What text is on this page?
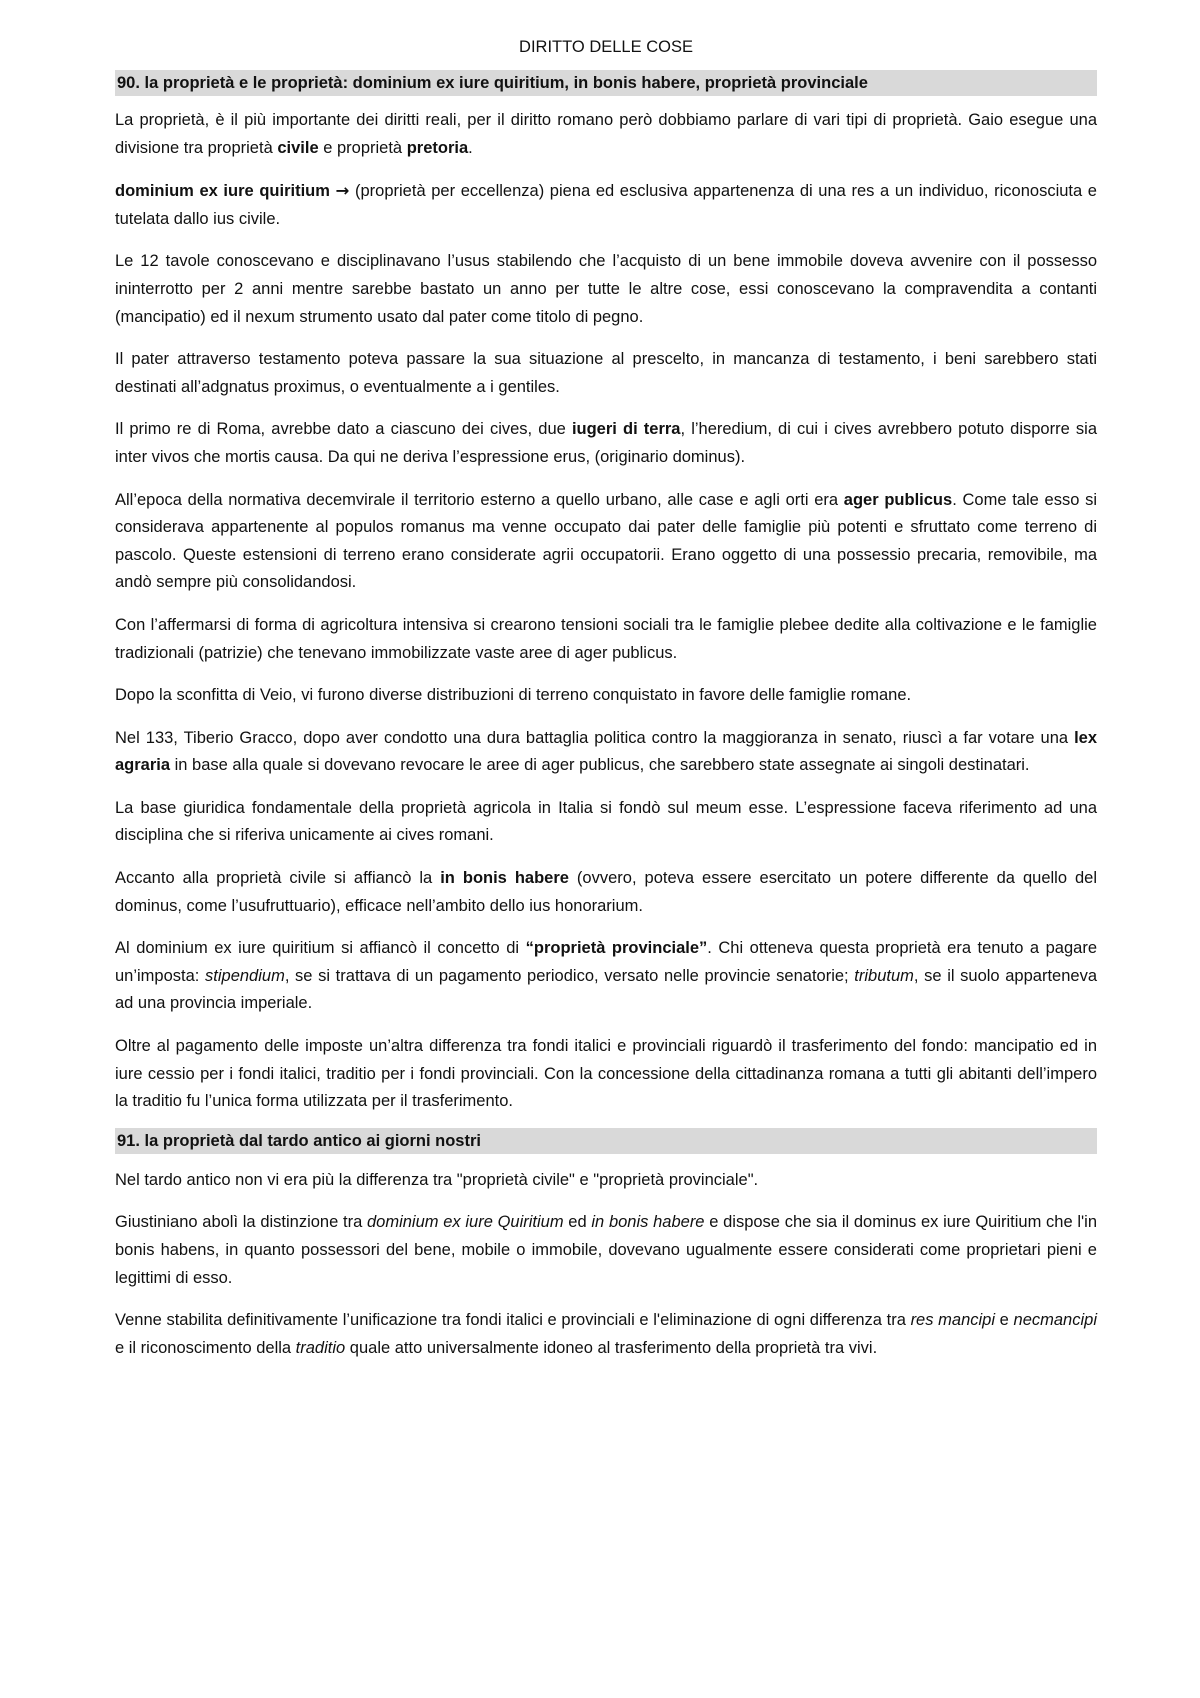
DIRITTO DELLE COSE
90. la proprietà e le proprietà: dominium ex iure quiritium, in bonis habere, proprietà provinciale

La proprietà, è il più importante dei diritti reali, per il diritto romano però dobbiamo parlare di vari tipi di proprietà. Gaio esegue una divisione tra proprietà civile e proprietà pretoria.

dominium ex iure quiritium → (proprietà per eccellenza) piena ed esclusiva appartenenza di una res a un individuo, riconosciuta e tutelata dallo ius civile.

Le 12 tavole conoscevano e disciplinavano l’usus stabilendo che l’acquisto di un bene immobile doveva avvenire con il possesso ininterrotto per 2 anni mentre sarebbe bastato un anno per tutte le altre cose, essi conoscevano la compravendita a contanti (mancipatio) ed il nexum strumento usato dal pater come titolo di pegno.

Il pater attraverso testamento poteva passare la sua situazione al prescelto, in mancanza di testamento, i beni sarebbero stati destinati all’adgnatus proximus, o eventualmente a i gentiles.

Il primo re di Roma, avrebbe dato a ciascuno dei cives, due iugeri di terra, l’heredium, di cui i cives avrebbero potuto disporre sia inter vivos che mortis causa. Da qui ne deriva l’espressione erus, (originario dominus).

All’epoca della normativa decemvirale il territorio esterno a quello urbano, alle case e agli orti era ager publicus. Come tale esso si considerava appartenente al populos romanus ma venne occupato dai pater delle famiglie più potenti e sfruttato come terreno di pascolo. Queste estensioni di terreno erano considerate agrii occupatorii. Erano oggetto di una possessio precaria, removibile, ma andò sempre più consolidandosi.

Con l’affermarsi di forma di agricoltura intensiva si crearono tensioni sociali tra le famiglie plebee dedite alla coltivazione e le famiglie tradizionali (patrizie) che tenevano immobilizzate vaste aree di ager publicus.

Dopo la sconfitta di Veio, vi furono diverse distribuzioni di terreno conquistato in favore delle famiglie romane.

Nel 133, Tiberio Gracco, dopo aver condotto una dura battaglia politica contro la maggioranza in senato, riuscì a far votare una lex agraria in base alla quale si dovevano revocare le aree di ager publicus, che sarebbero state assegnate ai singoli destinatari.

La base giuridica fondamentale della proprietà agricola in Italia si fondò sul meum esse. L’espressione faceva riferimento ad una disciplina che si riferiva unicamente ai cives romani.

Accanto alla proprietà civile si affiancò la in bonis habere (ovvero, poteva essere esercitato un potere differente da quello del dominus, come l’usufruttuario), efficace nell’ambito dello ius honorarium.

Al dominium ex iure quiritium si affiancò il concetto di “proprietà provinciale”. Chi otteneva questa proprietà era tenuto a pagare un’imposta: stipendium, se si trattava di un pagamento periodico, versato nelle provincie senatorie; tributum, se il suolo apparteneva ad una provincia imperiale.

Oltre al pagamento delle imposte un’altra differenza tra fondi italici e provinciali riguardò il trasferimento del fondo: mancipatio ed in iure cessio per i fondi italici, traditio per i fondi provinciali. Con la concessione della cittadinanza romana a tutti gli abitanti dell’impero la traditio fu l’unica forma utilizzata per il trasferimento.

91. la proprietà dal tardo antico ai giorni nostri

Nel tardo antico non vi era più la differenza tra "proprietà civile" e "proprietà provinciale".

Giustiniano abolì la distinzione tra dominium ex iure Quiritium ed in bonis habere e dispose che sia il dominus ex iure Quiritium che l'in bonis habens, in quanto possessori del bene, mobile o immobile, dovevano ugualmente essere considerati come proprietari pieni e legittimi di esso.

Venne stabilita definitivamente l’unificazione tra fondi italici e provinciali e l'eliminazione di ogni differenza tra res mancipi e necmancipi e il riconoscimento della traditio quale atto universalmente idoneo al trasferimento della proprietà tra vivi.
